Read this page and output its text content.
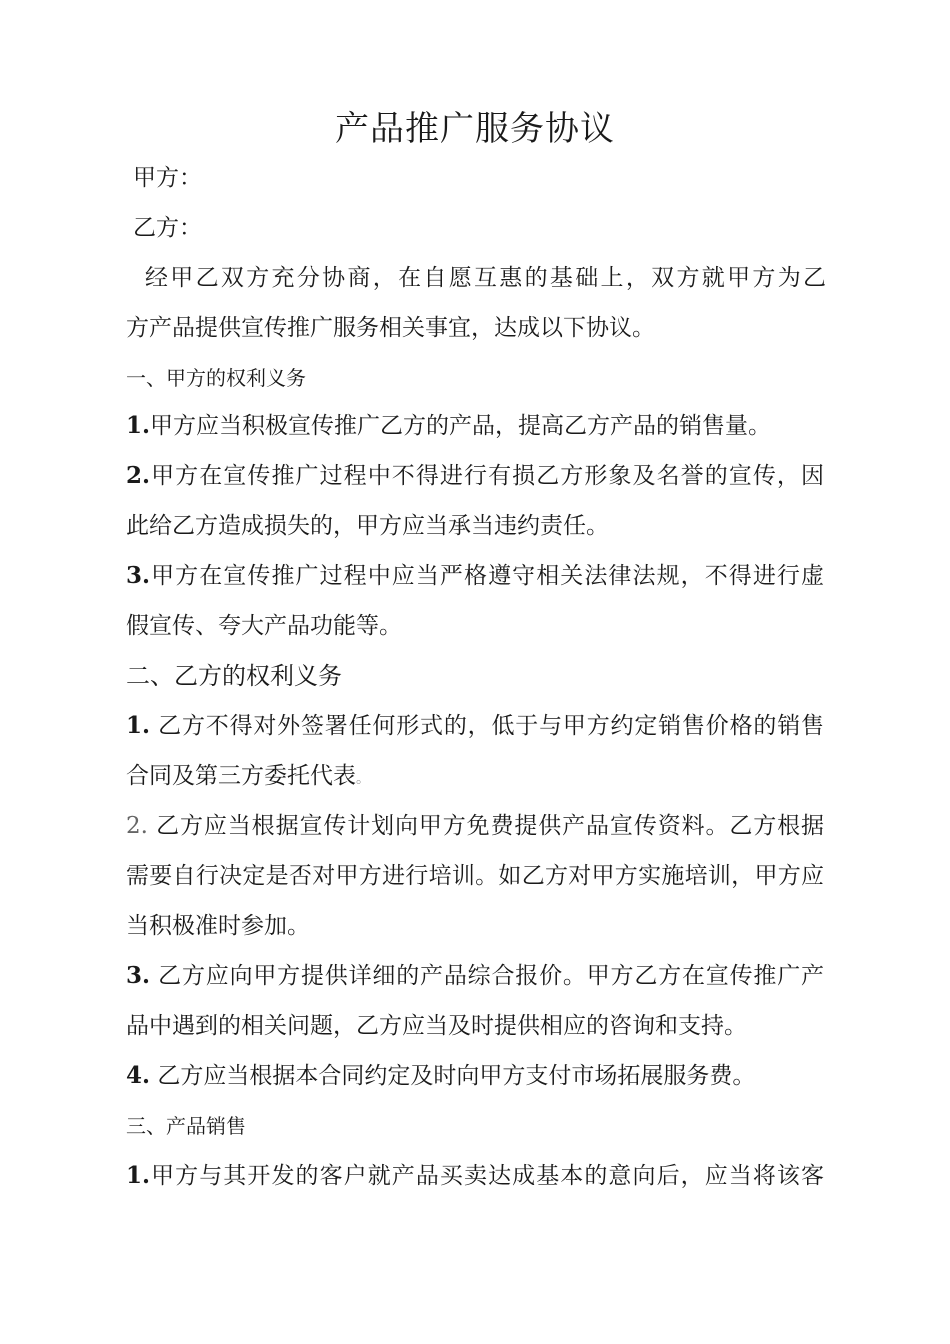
产品推广服务协议
甲方：
乙方：
经甲乙双方充分协商，在自愿互惠的基础上，双方就甲方为乙
方产品提供宣传推广服务相关事宜，达成以下协议。
一、甲方的权利义务
1.甲方应当积极宣传推广乙方的产品，提高乙方产品的销售量。
2.甲方在宣传推广过程中不得进行有损乙方形象及名誉的宣传，因
此给乙方造成损失的，甲方应当承当违约责任。
3.甲方在宣传推广过程中应当严格遵守相关法律法规，不得进行虚
假宣传、夸大产品功能等。
二、乙方的权利义务
1. 乙方不得对外签署任何形式的，低于与甲方约定销售价格的销售
合同及第三方委托代表。
2. 乙方应当根据宣传计划向甲方免费提供产品宣传资料。乙方根据
需要自行决定是否对甲方进行培训。如乙方对甲方实施培训，甲方应
当积极准时参加。
3. 乙方应向甲方提供详细的产品综合报价。甲方乙方在宣传推广产
品中遇到的相关问题，乙方应当及时提供相应的咨询和支持。
4. 乙方应当根据本合同约定及时向甲方支付市场拓展服务费。
三、产品销售
1.甲方与其开发的客户就产品买卖达成基本的意向后，应当将该客
